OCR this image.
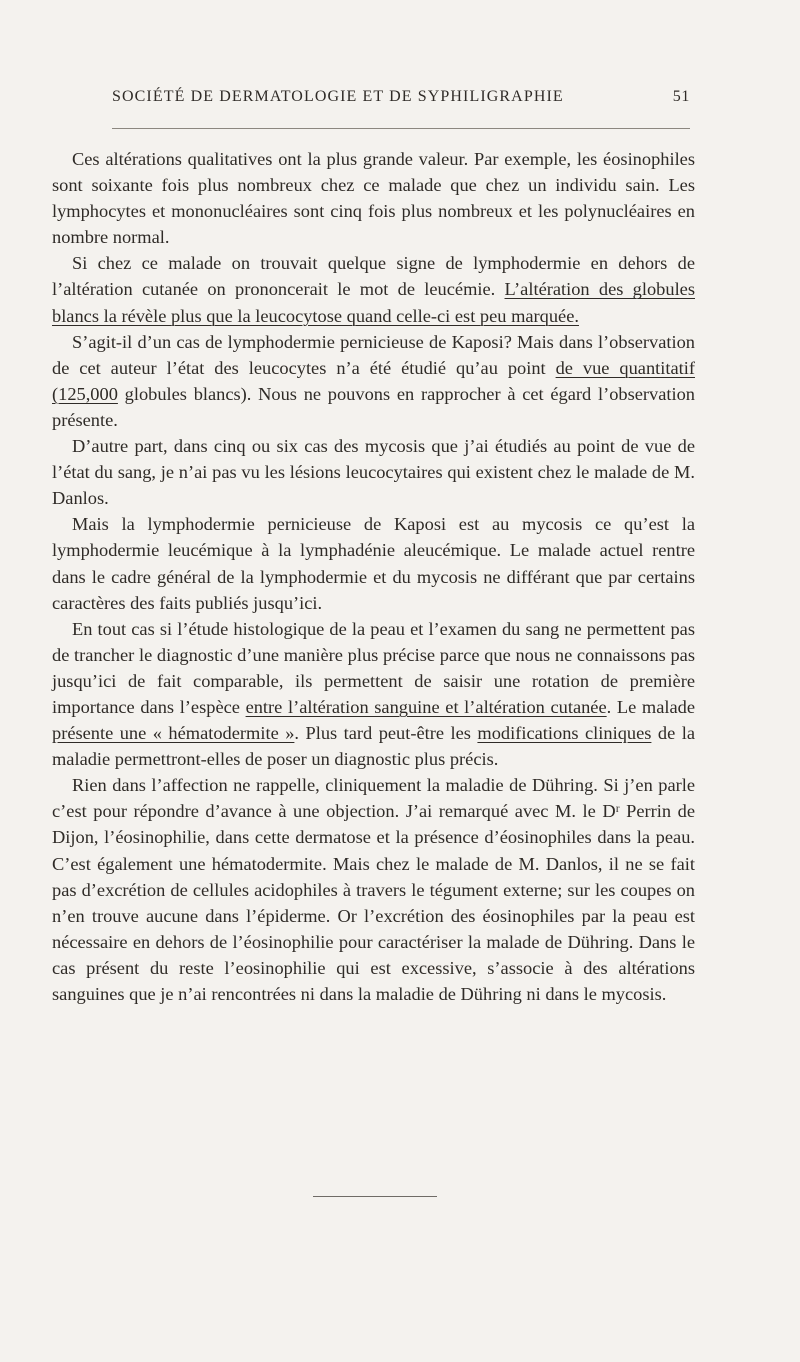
SOCIÉTÉ DE DERMATOLOGIE ET DE SYPHILIGRAPHIE	51

Ces altérations qualitatives ont la plus grande valeur. Par exemple, les éosinophiles sont soixante fois plus nombreux chez ce malade que chez un individu sain. Les lymphocytes et mononucléaires sont cinq fois plus nombreux et les polynucléaires en nombre normal.

Si chez ce malade on trouvait quelque signe de lymphodermie en dehors de l’altération cutanée on prononcerait le mot de leucémie. L’altération des globules blancs la révèle plus que la leucocytose quand celle-ci est peu marquée.

S’agit-il d’un cas de lymphodermie pernicieuse de Kaposi? Mais dans l’observation de cet auteur l’état des leucocytes n’a été étudié qu’au point de vue quantitatif (125,000 globules blancs). Nous ne pouvons en rapprocher à cet égard l’observation présente.

D’autre part, dans cinq ou six cas des mycosis que j’ai étudiés au point de vue de l’état du sang, je n’ai pas vu les lésions leucocytaires qui existent chez le malade de M. Danlos.

Mais la lymphodermie pernicieuse de Kaposi est au mycosis ce qu’est la lymphodermie leucémique à la lymphadénie aleucémique. Le malade actuel rentre dans le cadre général de la lymphodermie et du mycosis ne différant que par certains caractères des faits publiés jusqu’ici.

En tout cas si l’étude histologique de la peau et l’examen du sang ne permettent pas de trancher le diagnostic d’une manière plus précise parce que nous ne connaissons pas jusqu’ici de fait comparable, ils permettent de saisir une rotation de première importance dans l’espèce entre l’altération sanguine et l’altération cutanée. Le malade présente une « hématodermite ». Plus tard peut-être les modifications cliniques de la maladie permettront-elles de poser un diagnostic plus précis.

Rien dans l’affection ne rappelle, cliniquement la maladie de Dühring. Si j’en parle c’est pour répondre d’avance à une objection. J’ai remarqué avec M. le Dʳ Perrin de Dijon, l’éosinophilie, dans cette dermatose et la présence d’éosinophiles dans la peau. C’est également une hématodermite. Mais chez le malade de M. Danlos, il ne se fait pas d’excrétion de cellules acidophiles à travers le tégument externe; sur les coupes on n’en trouve aucune dans l’épiderme. Or l’excrétion des éosinophiles par la peau est nécessaire en dehors de l’éosinophilie pour caractériser la malade de Dühring. Dans le cas présent du reste l’eosinophilie qui est excessive, s’associe à des altérations sanguines que je n’ai rencontrées ni dans la maladie de Dühring ni dans le mycosis.
